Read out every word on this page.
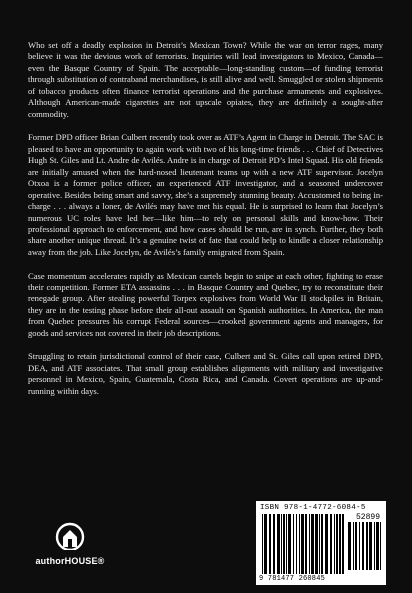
Who set off a deadly explosion in Detroit’s Mexican Town? While the war on terror rages, many believe it was the devious work of terrorists. Inquiries will lead investigators to Mexico, Canada—even the Basque Country of Spain. The acceptable—long-standing custom—of funding terrorist through substitution of contraband merchandises, is still alive and well. Smuggled or stolen shipments of tobacco products often finance terrorist operations and the purchase armaments and explosives. Although American-made cigarettes are not upscale opiates, they are definitely a sought-after commodity.

Former DPD officer Brian Culbert recently took over as ATF’s Agent in Charge in Detroit. The SAC is pleased to have an opportunity to again work with two of his long-time friends . . . Chief of Detectives Hugh St. Giles and Lt. Andre de Avilés. Andre is in charge of Detroit PD’s Intel Squad. His old friends are initially amused when the hard-nosed lieutenant teams up with a new ATF supervisor. Jocelyn Otxoa is a former police officer, an experienced ATF investigator, and a seasoned undercover operative. Besides being smart and savvy, she’s a supremely stunning beauty. Accustomed to being in-charge . . . always a loner, de Avilés may have met his equal. He is surprised to learn that Jocelyn’s numerous UC roles have led her—like him—to rely on personal skills and know-how. Their professional approach to enforcement, and how cases should be run, are in synch. Further, they both share another unique thread. It’s a genuine twist of fate that could help to kindle a closer relationship away from the job. Like Jocelyn, de Avilés’s family emigrated from Spain.

Case momentum accelerates rapidly as Mexican cartels begin to snipe at each other, fighting to erase their competition. Former ETA assassins . . . in Basque Country and Quebec, try to reconstitute their renegade group. After stealing powerful Torpex explosives from World War II stockpiles in Britain, they are in the testing phase before their all-out assault on Spanish authorities. In America, the man from Quebec pressures his corrupt Federal sources—crooked government agents and managers, for goods and services not covered in their job descriptions.

Struggling to retain jurisdictional control of their case, Culbert and St. Giles call upon retired DPD, DEA, and ATF associates. That small group establishes alignments with military and investigative personnel in Mexico, Spain, Guatemala, Costa Rica, and Canada. Covert operations are up-and-running within days.

authorHOUSE®
ISBN 978-1-4772-6084-5
52899
9 781477 260845
